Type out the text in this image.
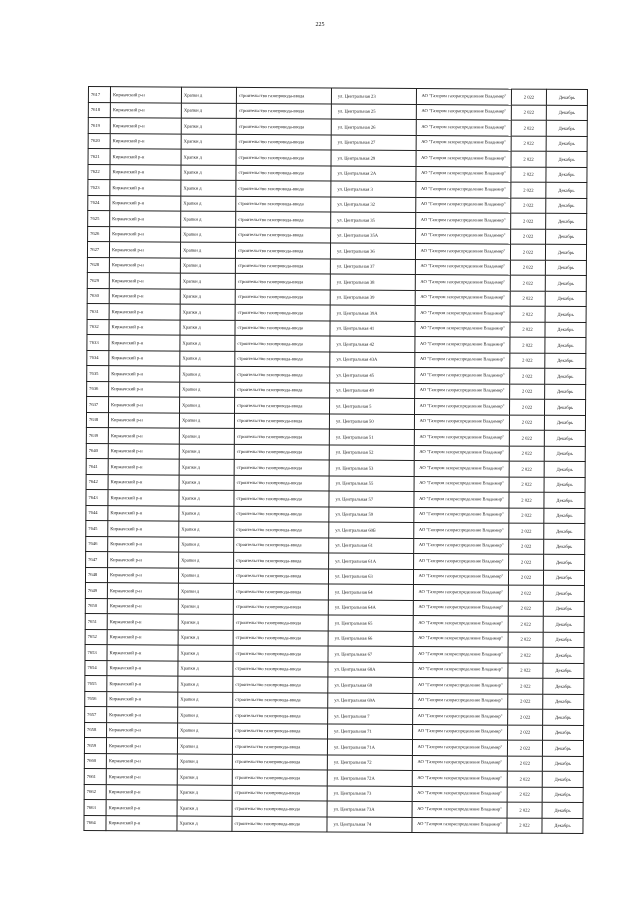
225
7617	Киржачский р-н	Храпки д	строительство газопровода-ввода	ул. Центральная 23	АО "Газпром газораспределение Владимир"	2 022	Декабрь
7618	Киржачский р-н	Храпки д	строительство газопровода-ввода	ул. Центральная 25	АО "Газпром газораспределение Владимир"	2 022	Декабрь
7619	Киржачский р-н	Храпки д	строительство газопровода-ввода	ул. Центральная 26	АО "Газпром газораспределение Владимир"	2 022	Декабрь
7620	Киржачский р-н	Храпки д	строительство газопровода-ввода	ул. Центральная 27	АО "Газпром газораспределение Владимир"	2 022	Декабрь
7621	Киржачский р-н	Храпки д	строительство газопровода-ввода	ул. Центральная 29	АО "Газпром газораспределение Владимир"	2 022	Декабрь
7622	Киржачский р-н	Храпки д	строительство газопровода-ввода	ул. Центральная 2А	АО "Газпром газораспределение Владимир"	2 022	Декабрь
7623	Киржачский р-н	Храпки д	строительство газопровода-ввода	ул. Центральная 3	АО "Газпром газораспределение Владимир"	2 022	Декабрь
7624	Киржачский р-н	Храпки д	строительство газопровода-ввода	ул. Центральная 32	АО "Газпром газораспределение Владимир"	2 022	Декабрь
7625	Киржачский р-н	Храпки д	строительство газопровода-ввода	ул. Центральная 35	АО "Газпром газораспределение Владимир"	2 022	Декабрь
7626	Киржачский р-н	Храпки д	строительство газопровода-ввода	ул. Центральная 35А	АО "Газпром газораспределение Владимир"	2 022	Декабрь
7627	Киржачский р-н	Храпки д	строительство газопровода-ввода	ул. Центральная 36	АО "Газпром газораспределение Владимир"	2 022	Декабрь
7628	Киржачский р-н	Храпки д	строительство газопровода-ввода	ул. Центральная 37	АО "Газпром газораспределение Владимир"	2 022	Декабрь
7629	Киржачский р-н	Храпки д	строительство газопровода-ввода	ул. Центральная 38	АО "Газпром газораспределение Владимир"	2 022	Декабрь
7630	Киржачский р-н	Храпки д	строительство газопровода-ввода	ул. Центральная 39	АО "Газпром газораспределение Владимир"	2 022	Декабрь
7631	Киржачский р-н	Храпки д	строительство газопровода-ввода	ул. Центральная 39А	АО "Газпром газораспределение Владимир"	2 022	Декабрь
7632	Киржачский р-н	Храпки д	строительство газопровода-ввода	ул. Центральная 41	АО "Газпром газораспределение Владимир"	2 022	Декабрь
7633	Киржачский р-н	Храпки д	строительство газопровода-ввода	ул. Центральная 42	АО "Газпром газораспределение Владимир"	2 022	Декабрь
7634	Киржачский р-н	Храпки д	строительство газопровода-ввода	ул. Центральная 43А	АО "Газпром газораспределение Владимир"	2 022	Декабрь
7635	Киржачский р-н	Храпки д	строительство газопровода-ввода	ул. Центральная 45	АО "Газпром газораспределение Владимир"	2 022	Декабрь
7636	Киржачский р-н	Храпки д	строительство газопровода-ввода	ул. Центральная 49	АО "Газпром газораспределение Владимир"	2 022	Декабрь
7637	Киржачский р-н	Храпки д	строительство газопровода-ввода	ул. Центральная 5	АО "Газпром газораспределение Владимир"	2 022	Декабрь
7638	Киржачский р-н	Храпки д	строительство газопровода-ввода	ул. Центральная 50	АО "Газпром газораспределение Владимир"	2 022	Декабрь
7639	Киржачский р-н	Храпки д	строительство газопровода-ввода	ул. Центральная 51	АО "Газпром газораспределение Владимир"	2 022	Декабрь
7640	Киржачский р-н	Храпки д	строительство газопровода-ввода	ул. Центральная 52	АО "Газпром газораспределение Владимир"	2 022	Декабрь
7641	Киржачский р-н	Храпки д	строительство газопровода-ввода	ул. Центральная 53	АО "Газпром газораспределение Владимир"	2 022	Декабрь
7642	Киржачский р-н	Храпки д	строительство газопровода-ввода	ул. Центральная 55	АО "Газпром газораспределение Владимир"	2 022	Декабрь
7643	Киржачский р-н	Храпки д	строительство газопровода-ввода	ул. Центральная 57	АО "Газпром газораспределение Владимир"	2 022	Декабрь
7644	Киржачский р-н	Храпки д	строительство газопровода-ввода	ул. Центральная 59	АО "Газпром газораспределение Владимир"	2 022	Декабрь
7645	Киржачский р-н	Храпки д	строительство газопровода-ввода	ул. Центральная 60Б	АО "Газпром газораспределение Владимир"	2 022	Декабрь
7646	Киржачский р-н	Храпки д	строительство газопровода-ввода	ул. Центральная 61	АО "Газпром газораспределение Владимир"	2 022	Декабрь
7647	Киржачский р-н	Храпки д	строительство газопровода-ввода	ул. Центральная 61А	АО "Газпром газораспределение Владимир"	2 022	Декабрь
7648	Киржачский р-н	Храпки д	строительство газопровода-ввода	ул. Центральная 63	АО "Газпром газораспределение Владимир"	2 022	Декабрь
7649	Киржачский р-н	Храпки д	строительство газопровода-ввода	ул. Центральная 64	АО "Газпром газораспределение Владимир"	2 022	Декабрь
7650	Киржачский р-н	Храпки д	строительство газопровода-ввода	ул. Центральная 64А	АО "Газпром газораспределение Владимир"	2 022	Декабрь
7651	Киржачский р-н	Храпки д	строительство газопровода-ввода	ул. Центральная 65	АО "Газпром газораспределение Владимир"	2 022	Декабрь
7652	Киржачский р-н	Храпки д	строительство газопровода-ввода	ул. Центральная 66	АО "Газпром газораспределение Владимир"	2 022	Декабрь
7653	Киржачский р-н	Храпки д	строительство газопровода-ввода	ул. Центральная 67	АО "Газпром газораспределение Владимир"	2 022	Декабрь
7654	Киржачский р-н	Храпки д	строительство газопровода-ввода	ул. Центральная 68А	АО "Газпром газораспределение Владимир"	2 022	Декабрь
7655	Киржачский р-н	Храпки д	строительство газопровода-ввода	ул. Центральная 69	АО "Газпром газораспределение Владимир"	2 022	Декабрь
7656	Киржачский р-н	Храпки д	строительство газопровода-ввода	ул. Центральная 69А	АО "Газпром газораспределение Владимир"	2 022	Декабрь
7657	Киржачский р-н	Храпки д	строительство газопровода-ввода	ул. Центральная 7	АО "Газпром газораспределение Владимир"	2 022	Декабрь
7658	Киржачский р-н	Храпки д	строительство газопровода-ввода	ул. Центральная 71	АО "Газпром газораспределение Владимир"	2 022	Декабрь
7659	Киржачский р-н	Храпки д	строительство газопровода-ввода	ул. Центральная 71А	АО "Газпром газораспределение Владимир"	2 022	Декабрь
7660	Киржачский р-н	Храпки д	строительство газопровода-ввода	ул. Центральная 72	АО "Газпром газораспределение Владимир"	2 022	Декабрь
7661	Киржачский р-н	Храпки д	строительство газопровода-ввода	ул. Центральная 72А	АО "Газпром газораспределение Владимир"	2 022	Декабрь
7662	Киржачский р-н	Храпки д	строительство газопровода-ввода	ул. Центральная 73	АО "Газпром газораспределение Владимир"	2 022	Декабрь
7663	Киржачский р-н	Храпки д	строительство газопровода-ввода	ул. Центральная 73А	АО "Газпром газораспределение Владимир"	2 022	Декабрь
7664	Киржачский р-н	Храпки д	строительство газопровода-ввода	ул. Центральная 74	АО "Газпром газораспределение Владимир"	2 022	Декабрь
